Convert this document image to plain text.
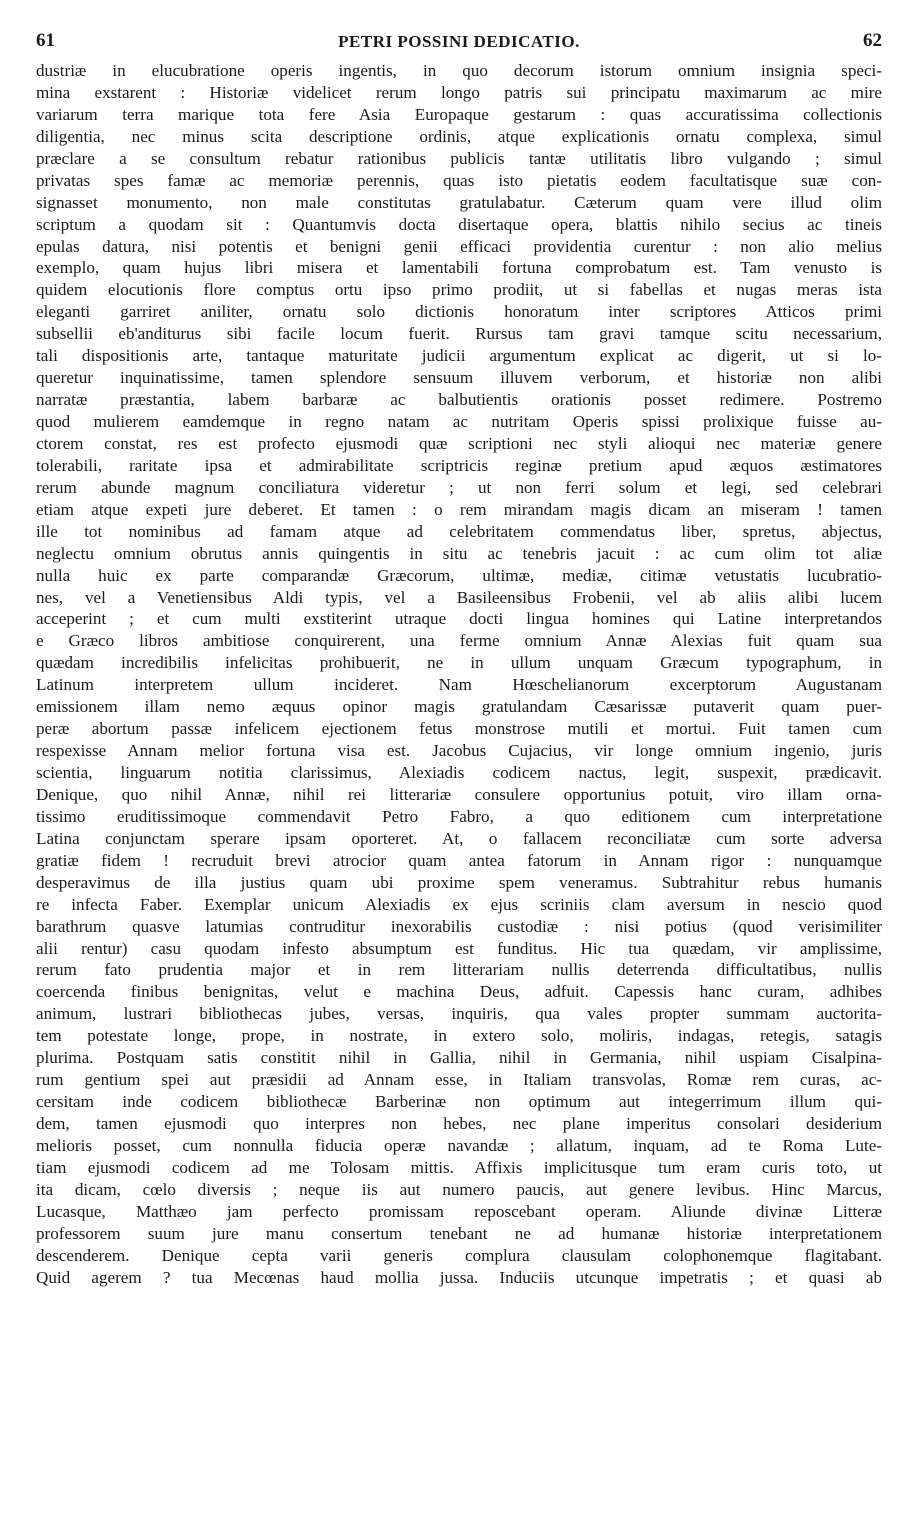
61	PETRI POSSINI DEDICATIO.	62
dustriæ in elucubratione operis ingentis, in quo decorum istorum omnium insignia speci-
mina exstarent : Historiæ videlicet rerum longo patris sui principatu maximarum ac mire
variarum terra marique tota fere Asia Europaque gestarum : quas accuratissima collectionis
diligentia, nec minus scita descriptione ordinis, atque explicationis ornatu complexa, simul
præclare a se consultum rebatur rationibus publicis tantæ utilitatis libro vulgando ; simul
privatas spes famæ ac memoriæ perennis, quas isto pietatis eodem facultatisque suæ con-
signasset monumento, non male constitutas gratulabatur. Cæterum quam vere illud olim
scriptum a quodam sit : Quantumvis docta disertaque opera, blattis nihilo secius ac tineis
epulas datura, nisi potentis et benigni genii efficaci providentia curentur : non alio melius
exemplo, quam hujus libri misera et lamentabili fortuna comprobatum est. Tam venusto is
quidem elocutionis flore comptus ortu ipso primo prodiit, ut si fabellas et nugas meras ista
eleganti garriret aniliter, ornatu solo dictionis honoratum inter scriptores Atticos primi
subsellii eb'anditurus sibi facile locum fuerit. Rursus tam gravi tamque scitu necessarium,
tali dispositionis arte, tantaque maturitate judicii argumentum explicat ac digerit, ut si lo-
queretur inquinatissime, tamen splendore sensuum illuvem verborum, et historiæ non alibi
narratæ præstantia, labem barbaræ ac balbutientis orationis posset redimere. Postremo
quod mulierem eamdemque in regno natam ac nutritam Operis spissi prolixique fuisse au-
ctorem constat, res est profecto ejusmodi quæ scriptioni nec styli alioqui nec materiæ genere
tolerabili, raritate ipsa et admirabilitate scriptricis reginæ pretium apud æquos æstimatores
rerum abunde magnum conciliatura videretur ; ut non ferri solum et legi, sed celebrari
etiam atque expeti jure deberet. Et tamen : o rem mirandam magis dicam an miseram ! tamen
ille tot nominibus ad famam atque ad celebritatem commendatus liber, spretus, abjectus,
neglectu omnium obrutus annis quingentis in situ ac tenebris jacuit : ac cum olim tot aliæ
nulla huic ex parte comparandæ Græcorum, ultimæ, mediæ, citimæ vetustatis lucubratio-
nes, vel a Venetiensibus Aldi typis, vel a Basileensibus Frobenii, vel ab aliis alibi lucem
acceperint ; et cum multi exstiterint utraque docti lingua homines qui Latine interpretandos
e Græco libros ambitiose conquirerent, una ferme omnium Annæ Alexias fuit quam sua
quædam incredibilis infelicitas prohibuerit, ne in ullum unquam Græcum typographum, in
Latinum interpretem ullum incideret. Nam Hœschelianorum excerptorum Augustanam
emissionem illam nemo æquus opinor magis gratulandam Cæsarissæ putaverit quam puer-
peræ abortum passæ infelicem ejectionem fetus monstrose mutili et mortui. Fuit tamen cum
respexisse Annam melior fortuna visa est. Jacobus Cujacius, vir longe omnium ingenio, juris
scientia, linguarum notitia clarissimus, Alexiadis codicem nactus, legit, suspexit, prædicavit.
Denique, quo nihil Annæ, nihil rei litterariæ consulere opportunius potuit, viro illam orna-
tissimo eruditissimoque commendavit Petro Fabro, a quo editionem cum interpretatione
Latina conjunctam sperare ipsam oporteret. At, o fallacem reconciliatæ cum sorte adversa
gratiæ fidem ! recruduit brevi atrocior quam antea fatorum in Annam rigor : nunquamque
desperavimus de illa justius quam ubi proxime spem veneramus. Subtrahitur rebus humanis
re infecta Faber. Exemplar unicum Alexiadis ex ejus scriniis clam aversum in nescio quod
barathrum quasve latumias contruditur inexorabilis custodiæ : nisi potius (quod verisimiliter
alii rentur) casu quodam infesto absumptum est funditus. Hic tua quædam, vir amplissime,
rerum fato prudentia major et in rem litterariam nullis deterrenda difficultatibus, nullis
coercenda finibus benignitas, velut e machina Deus, adfuit. Capessis hanc curam, adhibes
animum, lustrari bibliothecas jubes, versas, inquiris, qua vales propter summam auctorita-
tem potestate longe, prope, in nostrate, in extero solo, moliris, indagas, retegis, satagis
plurima. Postquam satis constitit nihil in Gallia, nihil in Germania, nihil uspiam Cisalpina-
rum gentium spei aut præsidii ad Annam esse, in Italiam transvolas, Romæ rem curas, ac-
cersitam inde codicem bibliothecæ Barberinæ non optimum aut integerrimum illum qui-
dem, tamen ejusmodi quo interpres non hebes, nec plane imperitus consolari desiderium
melioris posset, cum nonnulla fiducia operæ navandæ ; allatum, inquam, ad te Roma Lute-
tiam ejusmodi codicem ad me Tolosam mittis. Affixis implicitusque tum eram curis toto, ut
ita dicam, cœlo diversis ; neque iis aut numero paucis, aut genere levibus. Hinc Marcus,
Lucasque, Matthæo jam perfecto promissam reposcebant operam. Aliunde divinæ Litteræ
professorem suum jure manu consertum tenebant ne ad humanæ historiæ interpretationem
descenderem. Denique cepta varii generis complura clausulam colophonemque flagitabant.
Quid agerem ? tua Mecœnas haud mollia jussa. Induciis utcunque impetratis ; et quasi ab
